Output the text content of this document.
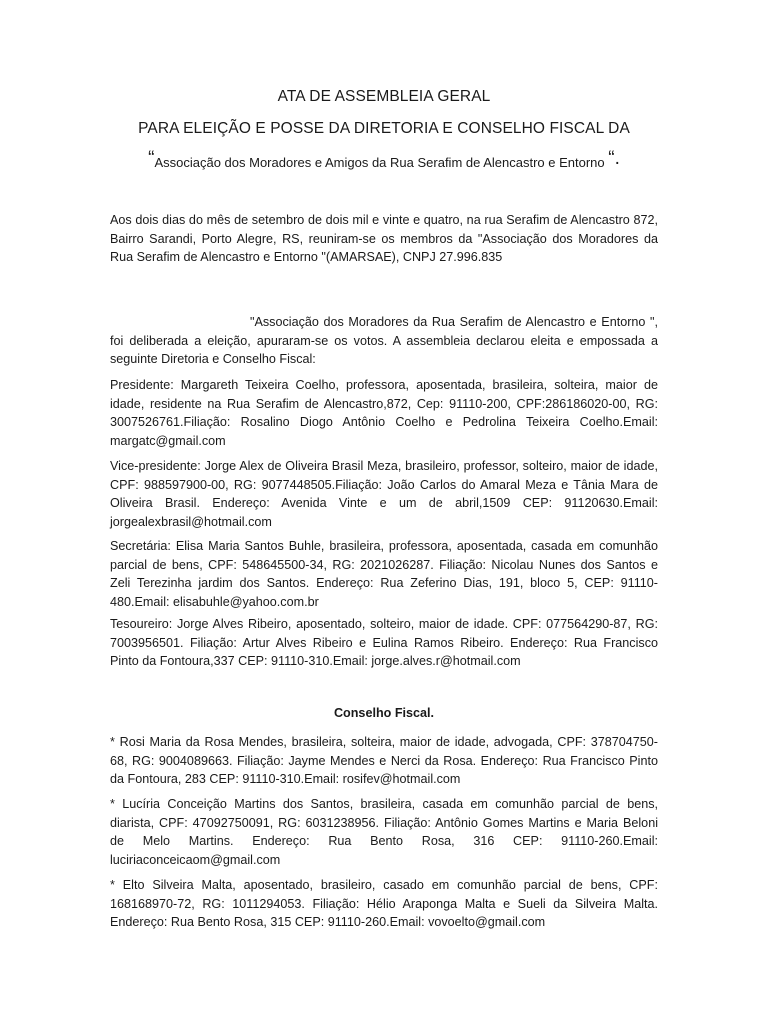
ATA DE ASSEMBLEIA GERAL
PARA ELEIÇÃO E POSSE DA DIRETORIA E CONSELHO FISCAL DA
“Associação dos Moradores e Amigos da Rua Serafim de Alencastro e Entorno “.

Aos dois dias do mês de setembro de dois mil e vinte e quatro, na rua Serafim de Alencastro 872, Bairro Sarandi, Porto Alegre, RS, reuniram-se os membros da "Associação dos Moradores da Rua Serafim de Alencastro e Entorno "(AMARSAE), CNPJ 27.996.835

"Associação dos Moradores da Rua Serafim de Alencastro e Entorno ", foi deliberada a eleição, apuraram-se os votos. A assembleia declarou eleita e empossada a seguinte Diretoria e Conselho Fiscal:

Presidente: Margareth Teixeira Coelho, professora, aposentada, brasileira, solteira, maior de idade, residente na Rua Serafim de Alencastro,872, Cep: 91110-200, CPF:286186020-00, RG: 3007526761.Filiação: Rosalino Diogo Antônio Coelho e Pedrolina Teixeira Coelho.Email: margatc@gmail.com

Vice-presidente: Jorge Alex de Oliveira Brasil Meza, brasileiro, professor, solteiro, maior de idade, CPF: 988597900-00, RG: 9077448505.Filiação: João Carlos do Amaral Meza e Tânia Mara de Oliveira Brasil. Endereço: Avenida Vinte e um de abril,1509 CEP: 91120630.Email: jorgealexbrasil@hotmail.com

Secretária: Elisa Maria Santos Buhle, brasileira, professora, aposentada, casada em comunhão parcial de bens, CPF: 548645500-34, RG: 2021026287. Filiação: Nicolau Nunes dos Santos e Zeli Terezinha jardim dos Santos. Endereço: Rua Zeferino Dias, 191, bloco 5, CEP: 91110-480.Email: elisabuhle@yahoo.com.br

Tesoureiro: Jorge Alves Ribeiro, aposentado, solteiro, maior de idade. CPF: 077564290-87, RG: 7003956501. Filiação: Artur Alves Ribeiro e Eulina Ramos Ribeiro. Endereço: Rua Francisco Pinto da Fontoura,337 CEP: 91110-310.Email: jorge.alves.r@hotmail.com

Conselho Fiscal.

* Rosi Maria da Rosa Mendes, brasileira, solteira, maior de idade, advogada, CPF: 378704750-68, RG: 9004089663. Filiação: Jayme Mendes e Nerci da Rosa. Endereço: Rua Francisco Pinto da Fontoura, 283 CEP: 91110-310.Email: rosifev@hotmail.com

* Lucíria Conceição Martins dos Santos, brasileira, casada em comunhão parcial de bens, diarista, CPF: 47092750091, RG: 6031238956. Filiação: Antônio Gomes Martins e Maria Beloni de Melo Martins. Endereço: Rua Bento Rosa, 316 CEP: 91110-260.Email: luciriaconceicaom@gmail.com

* Elto Silveira Malta, aposentado, brasileiro, casado em comunhão parcial de bens, CPF: 168168970-72, RG: 1011294053. Filiação: Hélio Araponga Malta e Sueli da Silveira Malta. Endereço: Rua Bento Rosa, 315 CEP: 91110-260.Email: vovoelto@gmail.com
